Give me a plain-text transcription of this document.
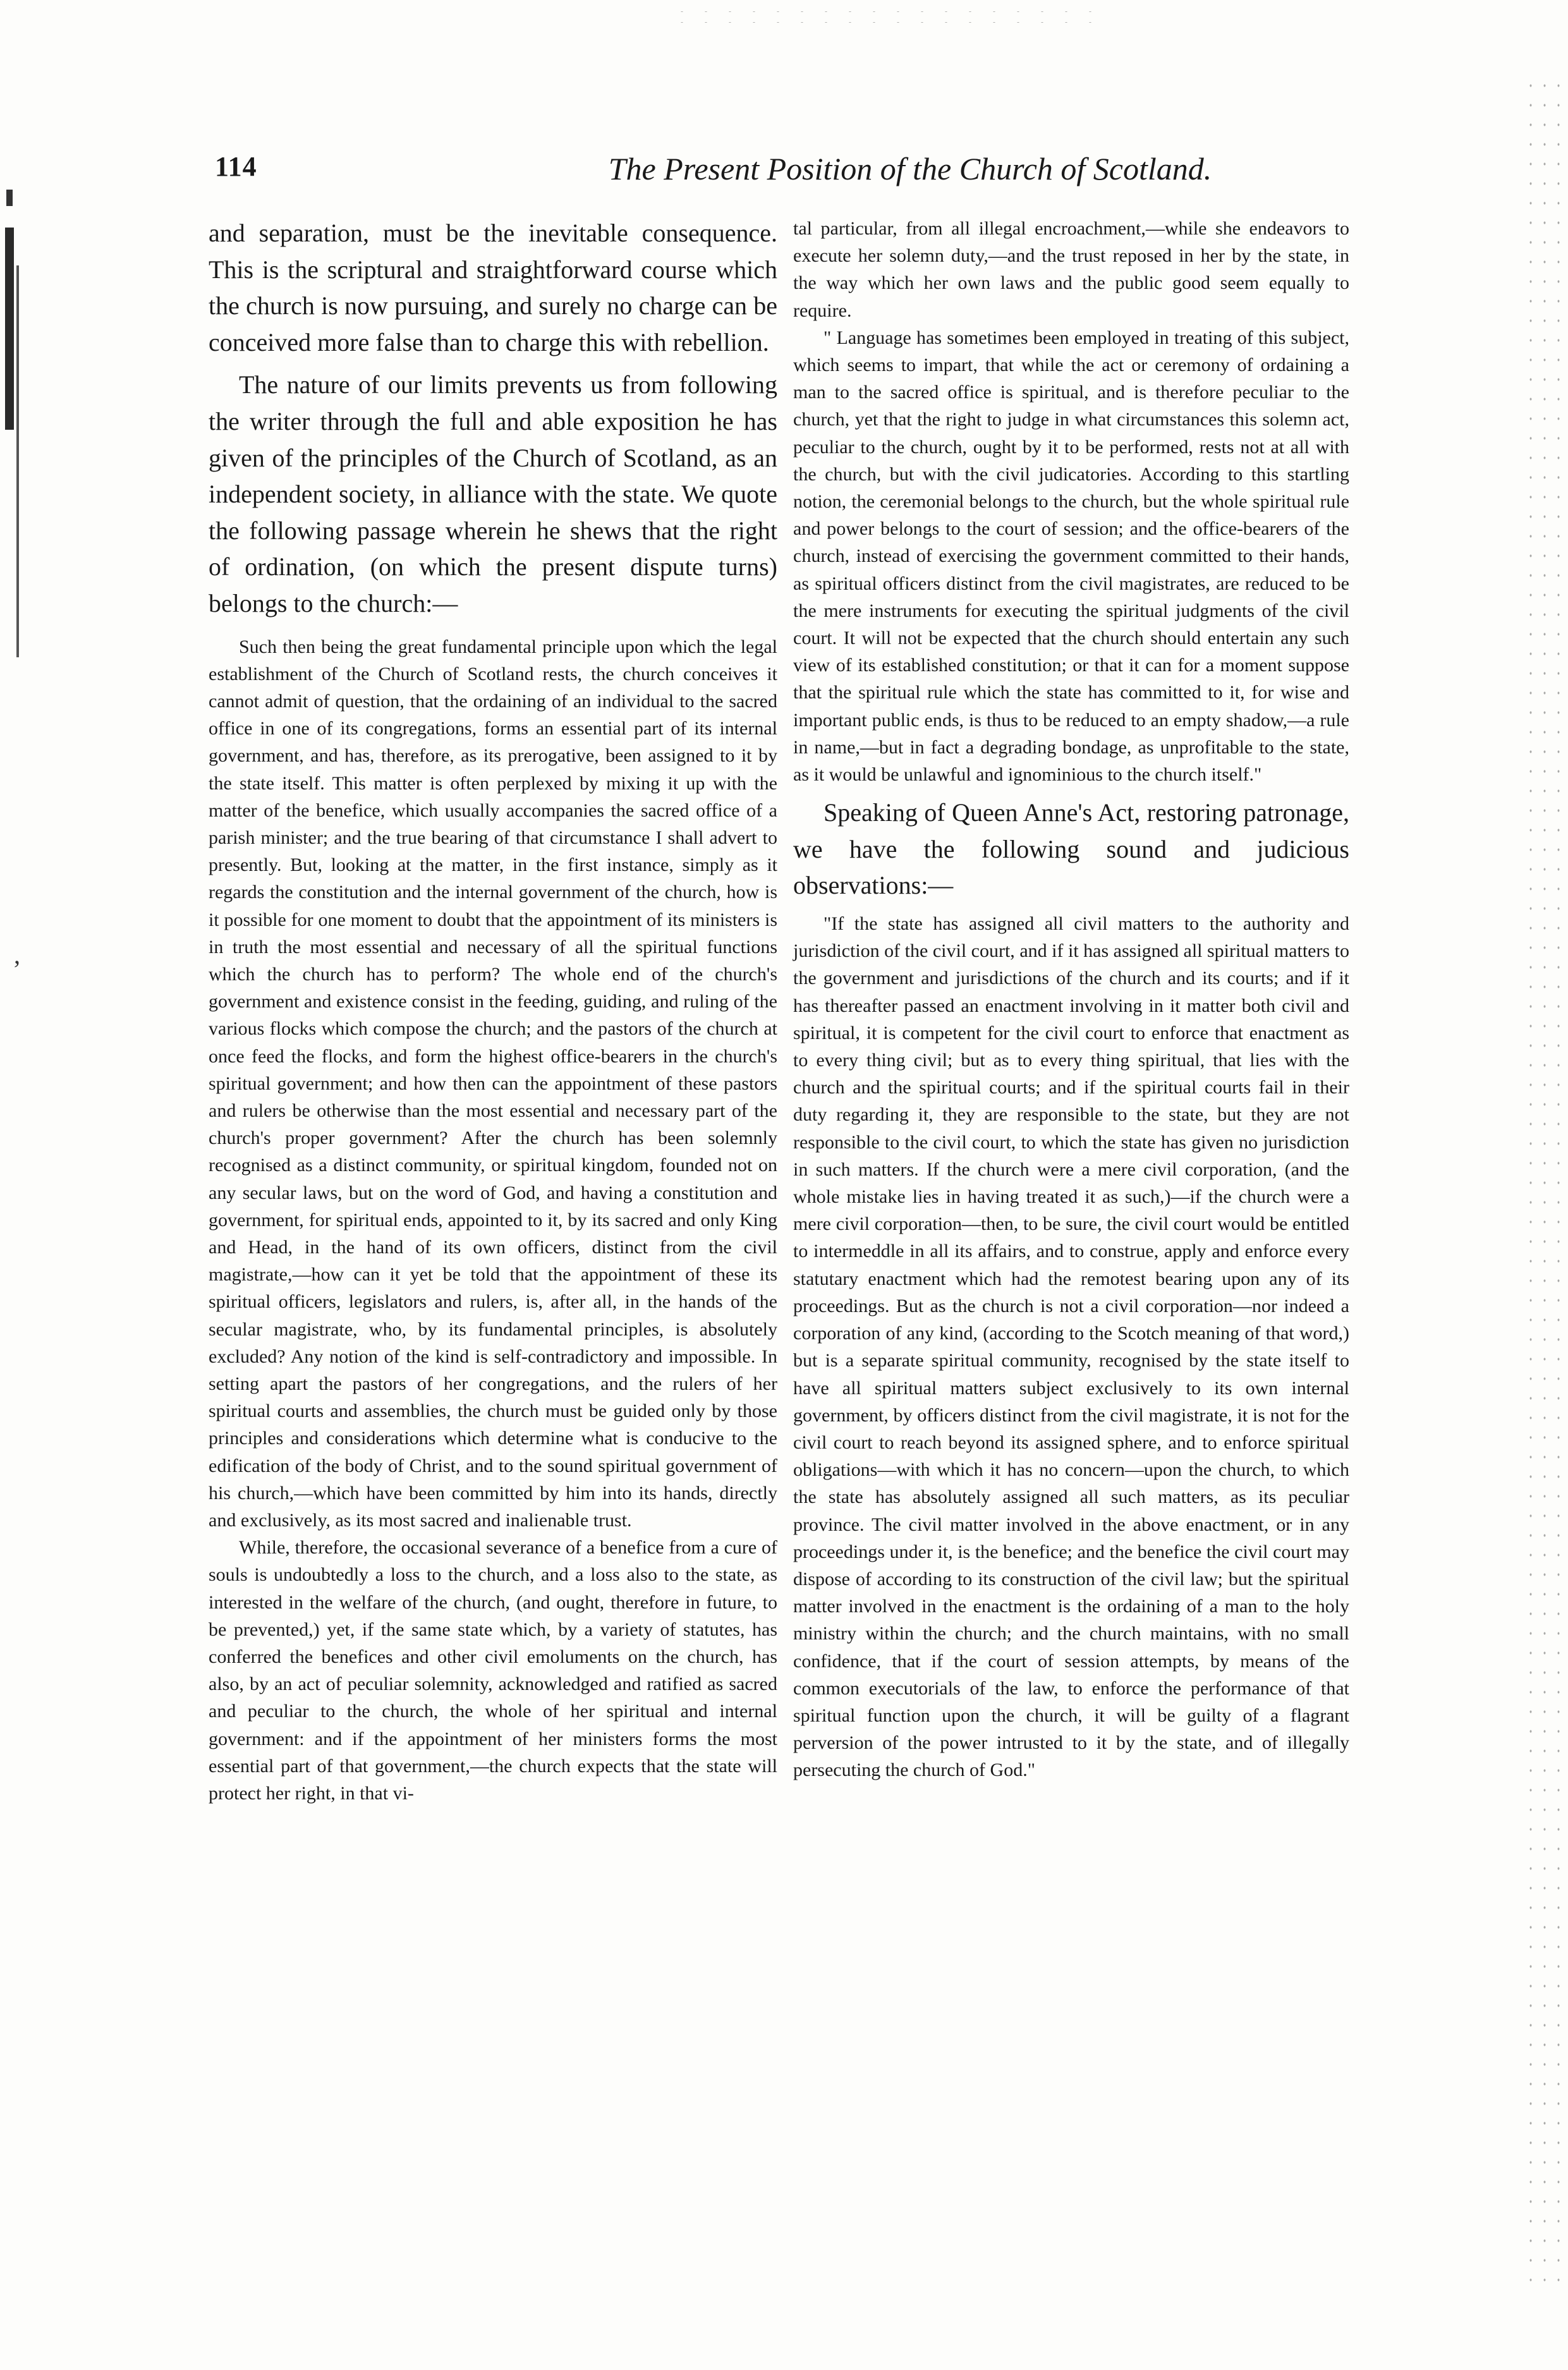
’
114	The Present Position of the Church of Scotland.

and separation, must be the inevitable consequence. This is the scriptural and straightforward course which the church is now pursuing, and surely no charge can be conceived more false than to charge this with rebellion.

The nature of our limits prevents us from following the writer through the full and able exposition he has given of the principles of the Church of Scotland, as an independent society, in alliance with the state. We quote the following passage wherein he shews that the right of ordination, (on which the present dispute turns) belongs to the church:—

Such then being the great fundamental principle upon which the legal establishment of the Church of Scotland rests, the church conceives it cannot admit of question, that the ordaining of an individual to the sacred office in one of its congregations, forms an essential part of its internal government, and has, therefore, as its prerogative, been assigned to it by the state itself. This matter is often perplexed by mixing it up with the matter of the benefice, which usually accompanies the sacred office of a parish minister; and the true bearing of that circumstance I shall advert to presently. But, looking at the matter, in the first instance, simply as it regards the constitution and the internal government of the church, how is it possible for one moment to doubt that the appointment of its ministers is in truth the most essential and necessary of all the spiritual functions which the church has to perform? The whole end of the church's government and existence consist in the feeding, guiding, and ruling of the various flocks which compose the church; and the pastors of the church at once feed the flocks, and form the highest office-bearers in the church's spiritual government; and how then can the appointment of these pastors and rulers be otherwise than the most essential and necessary part of the church's proper government? After the church has been solemnly recognised as a distinct community, or spiritual kingdom, founded not on any secular laws, but on the word of God, and having a constitution and government, for spiritual ends, appointed to it, by its sacred and only King and Head, in the hand of its own officers, distinct from the civil magistrate,—how can it yet be told that the appointment of these its spiritual officers, legislators and rulers, is, after all, in the hands of the secular magistrate, who, by its fundamental principles, is absolutely excluded? Any notion of the kind is self-contradictory and impossible. In setting apart the pastors of her congregations, and the rulers of her spiritual courts and assemblies, the church must be guided only by those principles and considerations which determine what is conducive to the edification of the body of Christ, and to the sound spiritual government of his church,—which have been committed by him into its hands, directly and exclusively, as its most sacred and inalienable trust.

While, therefore, the occasional severance of a benefice from a cure of souls is undoubtedly a loss to the church, and a loss also to the state, as interested in the welfare of the church, (and ought, therefore in future, to be prevented,) yet, if the same state which, by a variety of statutes, has conferred the benefices and other civil emoluments on the church, has also, by an act of peculiar solemnity, acknowledged and ratified as sacred and peculiar to the church, the whole of her spiritual and internal government: and if the appointment of her ministers forms the most essential part of that government,—the church expects that the state will protect her right, in that vi-

tal particular, from all illegal encroachment,—while she endeavors to execute her solemn duty,—and the trust reposed in her by the state, in the way which her own laws and the public good seem equally to require.

" Language has sometimes been employed in treating of this subject, which seems to impart, that while the act or ceremony of ordaining a man to the sacred office is spiritual, and is therefore peculiar to the church, yet that the right to judge in what circumstances this solemn act, peculiar to the church, ought by it to be performed, rests not at all with the church, but with the civil judicatories. According to this startling notion, the ceremonial belongs to the church, but the whole spiritual rule and power belongs to the court of session; and the office-bearers of the church, instead of exercising the government committed to their hands, as spiritual officers distinct from the civil magistrates, are reduced to be the mere instruments for executing the spiritual judgments of the civil court. It will not be expected that the church should entertain any such view of its established constitution; or that it can for a moment suppose that the spiritual rule which the state has committed to it, for wise and important public ends, is thus to be reduced to an empty shadow,—a rule in name,—but in fact a degrading bondage, as unprofitable to the state, as it would be unlawful and ignominious to the church itself."

Speaking of Queen Anne's Act, restoring patronage, we have the following sound and judicious observations:—

"If the state has assigned all civil matters to the authority and jurisdiction of the civil court, and if it has assigned all spiritual matters to the government and jurisdictions of the church and its courts; and if it has thereafter passed an enactment involving in it matter both civil and spiritual, it is competent for the civil court to enforce that enactment as to every thing civil; but as to every thing spiritual, that lies with the church and the spiritual courts; and if the spiritual courts fail in their duty regarding it, they are responsible to the state, but they are not responsible to the civil court, to which the state has given no jurisdiction in such matters. If the church were a mere civil corporation, (and the whole mistake lies in having treated it as such,)—if the church were a mere civil corporation—then, to be sure, the civil court would be entitled to intermeddle in all its affairs, and to construe, apply and enforce every statutary enactment which had the remotest bearing upon any of its proceedings. But as the church is not a civil corporation—nor indeed a corporation of any kind, (according to the Scotch meaning of that word,) but is a separate spiritual community, recognised by the state itself to have all spiritual matters subject exclusively to its own internal government, by officers distinct from the civil magistrate, it is not for the civil court to reach beyond its assigned sphere, and to enforce spiritual obligations—with which it has no concern—upon the church, to which the state has absolutely assigned all such matters, as its peculiar province. The civil matter involved in the above enactment, or in any proceedings under it, is the benefice; and the benefice the civil court may dispose of according to its construction of the civil law; but the spiritual matter involved in the enactment is the ordaining of a man to the holy ministry within the church; and the church maintains, with no small confidence, that if the court of session attempts, by means of the common executorials of the law, to enforce the performance of that spiritual function upon the church, it will be guilty of a flagrant perversion of the power intrusted to it by the state, and of illegally persecuting the church of God."
